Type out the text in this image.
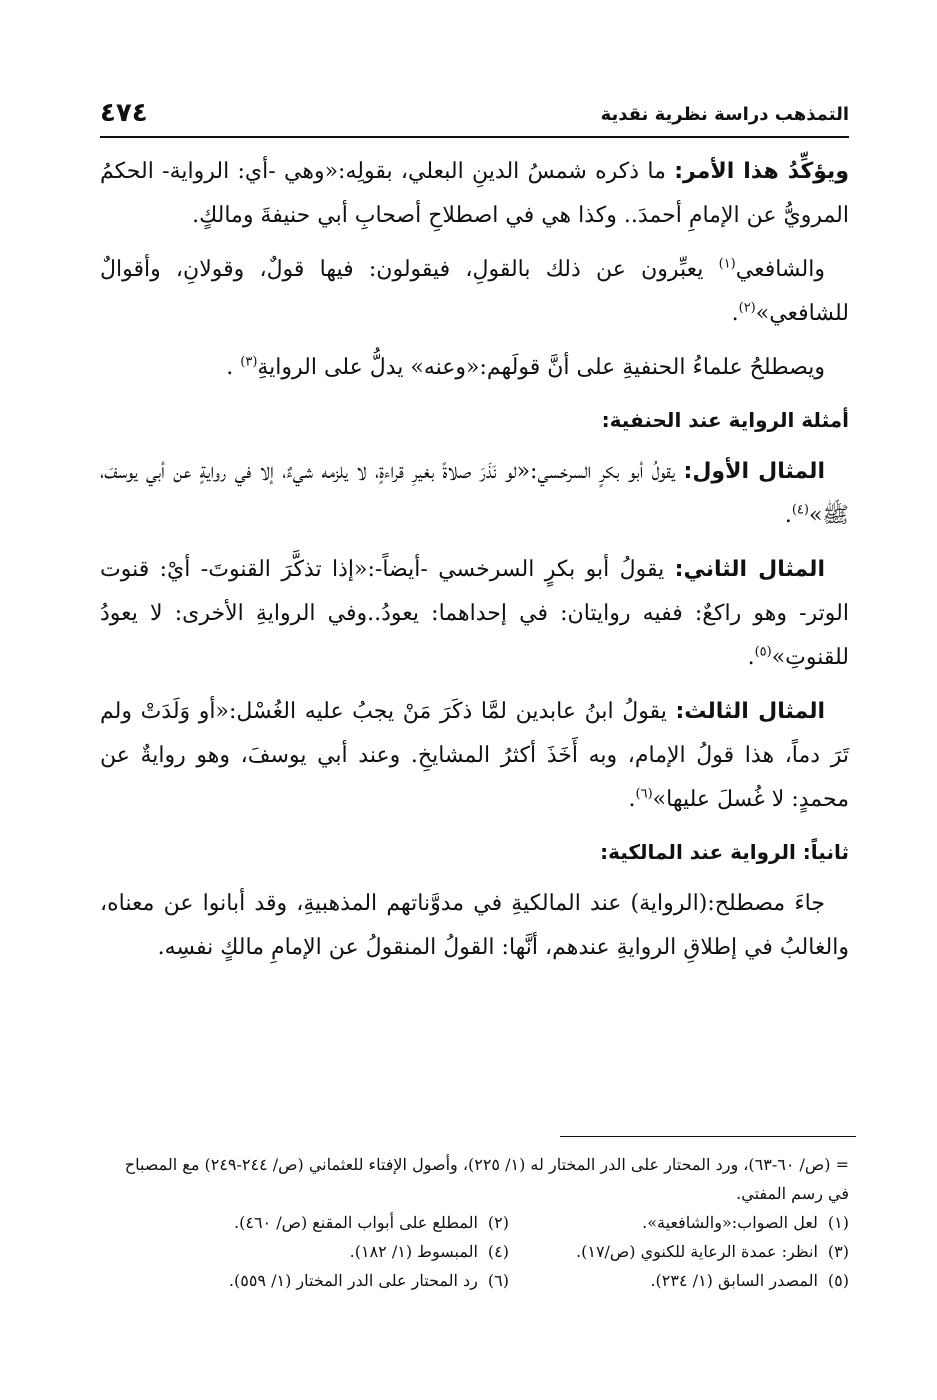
٤٧٤	التمذهب دراسة نظرية نقدية

ويؤكِّدُ هذا الأمر: ما ذكره شمسُ الدينِ البعلي، بقولِه:«وهي -أي: الرواية- الحكمُ المرويُّ عن الإمامِ أحمدَ.. وكذا هي في اصطلاحِ أصحابِ أبي حنيفةَ ومالكٍ.

والشافعي$^{(١)}$ يعبِّرون عن ذلك بالقولِ، فيقولون: فيها قولٌ، وقولانِ، وأقوالٌ للشافعي»$^{(٢)}$.

ويصطلحُ علماءُ الحنفيةِ على أنَّ قولَهم:«وعنه» يدلُّ على الروايةِ$^{(٣)}$ .

أمثلة الرواية عند الحنفية:

المثال الأول: يقولُ أبو بكرٍ السرخسي:«لو نَذَرَ صلاةً بغيرِ قراءةٍ، لا يلزمه شيءٌ، إلا في روايةٍ عن أبي يوسفَ، ﷺ»$^{(٤)}$.

المثال الثاني: يقولُ أبو بكرٍ السرخسي -أيضاً-:«إذا تذكَّرَ القنوتَ- أيْ: قنوت الوتر- وهو راكعٌ: ففيه روايتان: في إحداهما: يعودُ..وفي الروايةِ الأخرى: لا يعودُ للقنوتِ»$^{(٥)}$.

المثال الثالث: يقولُ ابنُ عابدين لمَّا ذكَرَ مَنْ يجبُ عليه الغُسْل:«أو وَلَدَتْ ولم تَرَ دماً، هذا قولُ الإمام، وبه أَخَذَ أكثرُ المشايخِ. وعند أبي يوسفَ، وهو روايةٌ عن محمدٍ: لا غُسلَ عليها»$^{(٦)}$.

ثانياً: الرواية عند المالكية:

جاءَ مصطلح:(الرواية) عند المالكيةِ في مدوَّناتهم المذهبيةِ، وقد أبانوا عن معناه، والغالبُ في إطلاقِ الروايةِ عندهم، أنَّها: القولُ المنقولُ عن الإمامِ مالكٍ نفسِه.

= (ص/ ٦٠-٦٣)، ورد المحتار على الدر المختار له (١/ ٢٢٥)، وأصول الإفتاء للعثماني (ص/ ٢٤٤-٢٤٩) مع المصباح في رسم المفتي.

(١)لعل الصواب:«والشافعية».
(٢)المطلع على أبواب المقنع (ص/ ٤٦٠).
(٣)انظر: عمدة الرعاية للكنوي (ص/١٧).
(٤)المبسوط (١/ ١٨٢).
(٥)المصدر السابق (١/ ٢٣٤).
(٦)رد المحتار على الدر المختار (١/ ٥٥٩).
